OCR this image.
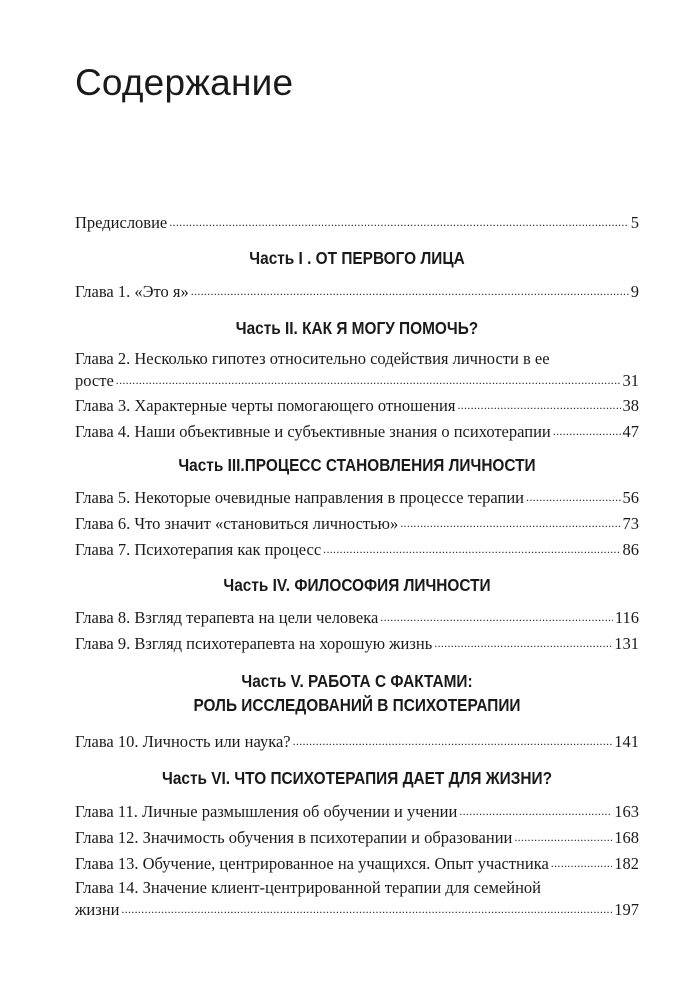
Содержание
Предисловие .....	5
Часть I . ОТ ПЕРВОГО ЛИЦА
Глава 1. «Это я» .....	9
Часть II. КАК Я МОГУ ПОМОЧЬ?
Глава 2. Несколько гипотез относительно содействия личности в ее
росте .....	31
Глава 3. Характерные черты помогающего отношения .....	38
Глава 4. Наши объективные и субъективные знания о психотерапии .....	47
Часть III.ПРОЦЕСС СТАНОВЛЕНИЯ ЛИЧНОСТИ
Глава 5. Некоторые очевидные направления в процессе терапии .....	56
Глава 6. Что значит «становиться личностью» .....	73
Глава 7. Психотерапия как процесс .....	86
Часть IV. ФИЛОСОФИЯ ЛИЧНОСТИ
Глава 8. Взгляд терапевта на цели человека .....	116
Глава 9. Взгляд психотерапевта на хорошую жизнь .....	131
Часть V. РАБОТА С ФАКТАМИ:
РОЛЬ ИССЛЕДОВАНИЙ В ПСИХОТЕРАПИИ
Глава 10. Личность или наука? .....	141
Часть VI. ЧТО ПСИХОТЕРАПИЯ ДАЕТ ДЛЯ ЖИЗНИ?
Глава 11. Личные размышления об обучении и учении .....	163
Глава 12. Значимость обучения в психотерапии и образовании .....	168
Глава 13. Обучение, центрированное на учащихся. Опыт участника .....	182
Глава 14. Значение клиент-центрированной терапии для семейной
жизни .....	197
